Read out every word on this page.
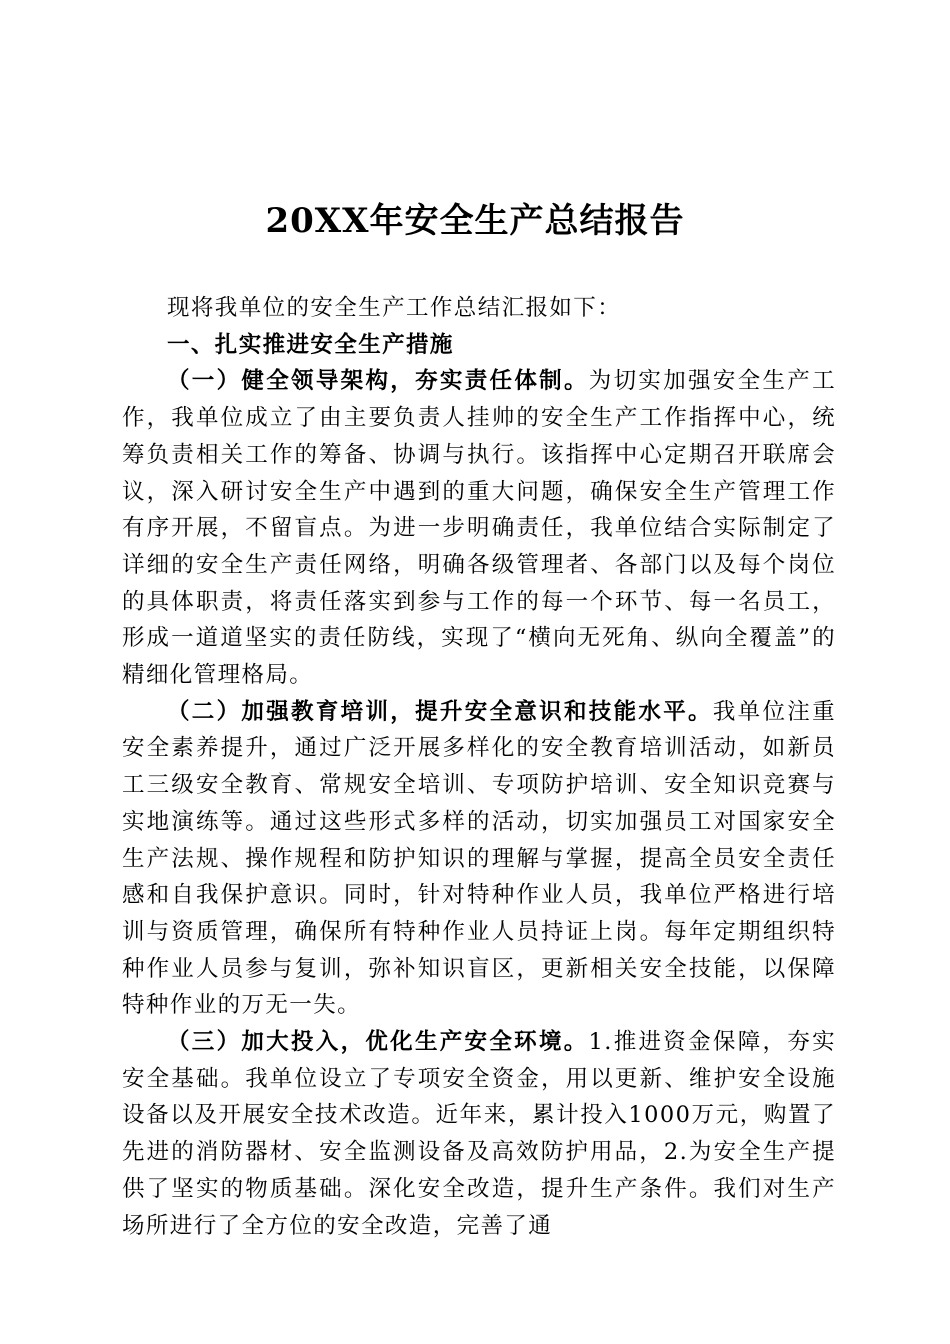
20XX年安全生产总结报告

现将我单位的安全生产工作总结汇报如下：

一、扎实推进安全生产措施

（一）健全领导架构，夯实责任体制。为切实加强安全生产工作，我单位成立了由主要负责人挂帅的安全生产工作指挥中心，统筹负责相关工作的筹备、协调与执行。该指挥中心定期召开联席会议，深入研讨安全生产中遇到的重大问题，确保安全生产管理工作有序开展，不留盲点。为进一步明确责任，我单位结合实际制定了详细的安全生产责任网络，明确各级管理者、各部门以及每个岗位的具体职责，将责任落实到参与工作的每一个环节、每一名员工，形成一道道坚实的责任防线，实现了“横向无死角、纵向全覆盖”的精细化管理格局。

（二）加强教育培训，提升安全意识和技能水平。我单位注重安全素养提升，通过广泛开展多样化的安全教育培训活动，如新员工三级安全教育、常规安全培训、专项防护培训、安全知识竞赛与实地演练等。通过这些形式多样的活动，切实加强员工对国家安全生产法规、操作规程和防护知识的理解与掌握，提高全员安全责任感和自我保护意识。同时，针对特种作业人员，我单位严格进行培训与资质管理，确保所有特种作业人员持证上岗。每年定期组织特种作业人员参与复训，弥补知识盲区，更新相关安全技能，以保障特种作业的万无一失。

（三）加大投入，优化生产安全环境。1.推进资金保障，夯实安全基础。我单位设立了专项安全资金，用以更新、维护安全设施设备以及开展安全技术改造。近年来，累计投入1000万元，购置了先进的消防器材、安全监测设备及高效防护用品，2.为安全生产提供了坚实的物质基础。深化安全改造，提升生产条件。我们对生产场所进行了全方位的安全改造，完善了通
